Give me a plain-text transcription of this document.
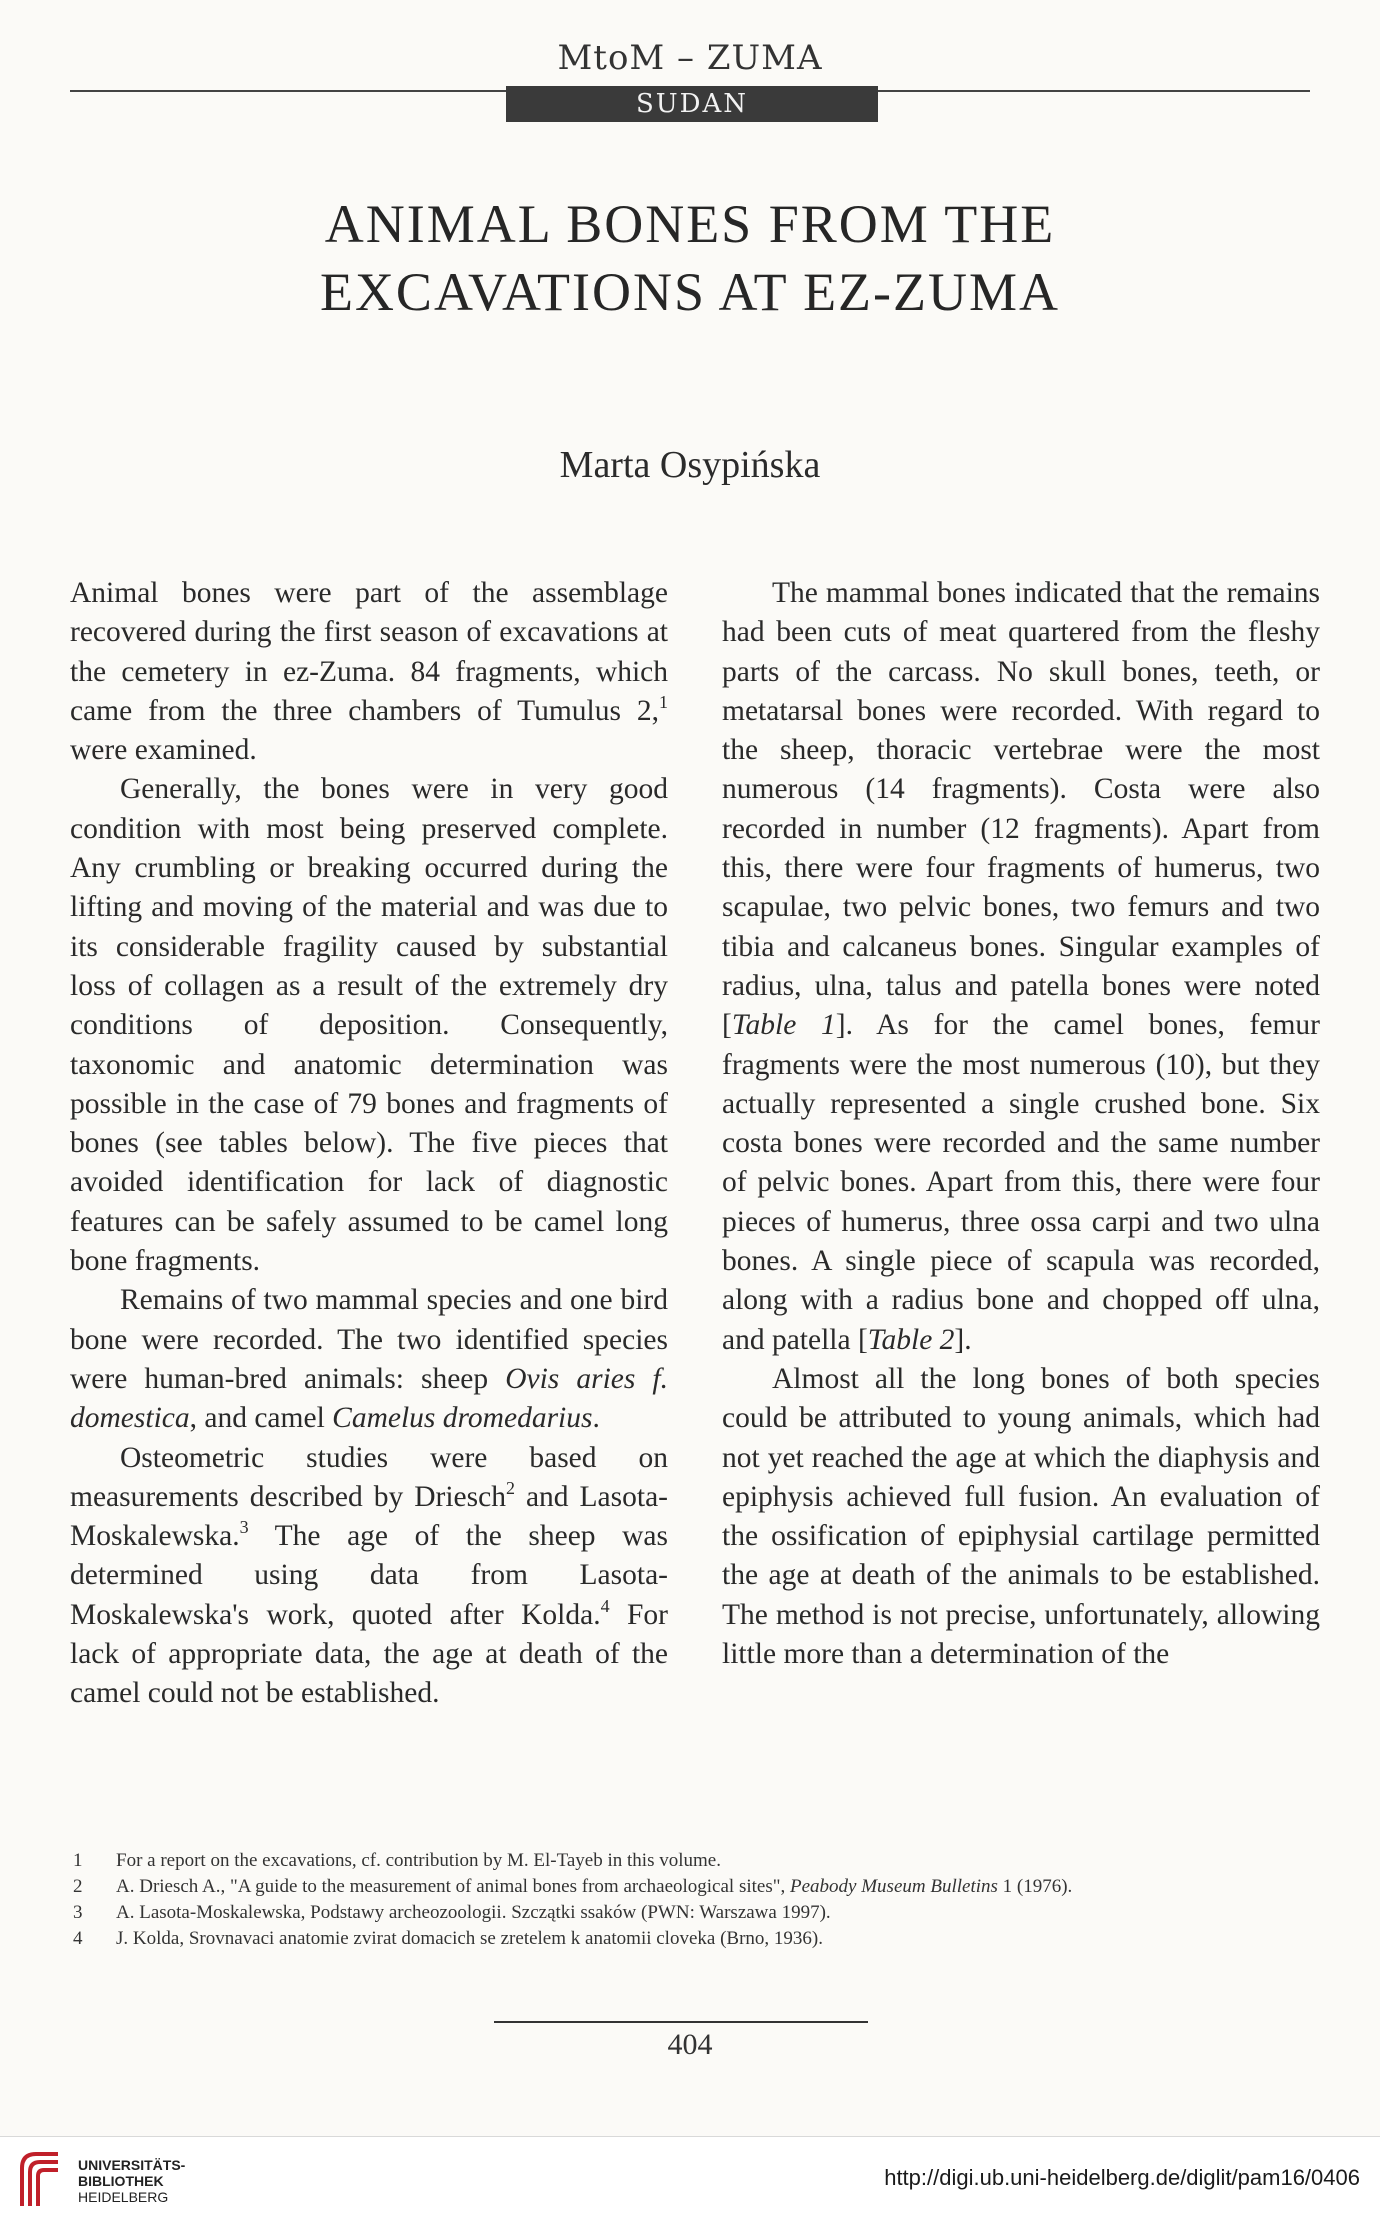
MtoM – ZUMA
SUDAN
ANIMAL BONES FROM THE
EXCAVATIONS AT EZ-ZUMA
Marta Osypińska

Animal bones were part of the assemblage recovered during the first season of excavations at the cemetery in ez-Zuma. 84 fragments, which came from the three chambers of Tumulus 2,$^1$ were examined.

Generally, the bones were in very good condition with most being preserved complete. Any crumbling or breaking occurred during the lifting and moving of the material and was due to its considerable fragility caused by substantial loss of collagen as a result of the extremely dry conditions of deposition. Consequently, taxonomic and anatomic determination was possible in the case of 79 bones and fragments of bones (see tables below). The five pieces that avoided identification for lack of diagnostic features can be safely assumed to be camel long bone fragments.

Remains of two mammal species and one bird bone were recorded. The two identified species were human-bred animals: sheep Ovis aries f. domestica, and camel Camelus dromedarius.

Osteometric studies were based on measurements described by Driesch$^2$ and Lasota-Moskalewska.$^3$ The age of the sheep was determined using data from Lasota-Moskalewska's work, quoted after Kolda.$^4$ For lack of appropriate data, the age at death of the camel could not be established.

The mammal bones indicated that the remains had been cuts of meat quartered from the fleshy parts of the carcass. No skull bones, teeth, or metatarsal bones were recorded. With regard to the sheep, thoracic vertebrae were the most numerous (14 fragments). Costa were also recorded in number (12 fragments). Apart from this, there were four fragments of humerus, two scapulae, two pelvic bones, two femurs and two tibia and calcaneus bones. Singular examples of radius, ulna, talus and patella bones were noted [Table 1]. As for the camel bones, femur fragments were the most numerous (10), but they actually represented a single crushed bone. Six costa bones were recorded and the same number of pelvic bones. Apart from this, there were four pieces of humerus, three ossa carpi and two ulna bones. A single piece of scapula was recorded, along with a radius bone and chopped off ulna, and patella [Table 2].

Almost all the long bones of both species could be attributed to young animals, which had not yet reached the age at which the diaphysis and epiphysis achieved full fusion. An evaluation of the ossification of epiphysial cartilage permitted the age at death of the animals to be established. The method is not precise, unfortunately, allowing little more than a determination of the

1	For a report on the excavations, cf. contribution by M. El-Tayeb in this volume.
2	A. Driesch A., "A guide to the measurement of animal bones from archaeological sites", Peabody Museum Bulletins 1 (1976).
3	A. Lasota-Moskalewska, Podstawy archeozoologii. Szczątki ssaków (PWN: Warszawa 1997).
4	J. Kolda, Srovnavaci anatomie zvirat domacich se zretelem k anatomii cloveka (Brno, 1936).
404
UNIVERSITÄTS-
BIBLIOTHEK
HEIDELBERG
http://digi.ub.uni-heidelberg.de/diglit/pam16/0406
